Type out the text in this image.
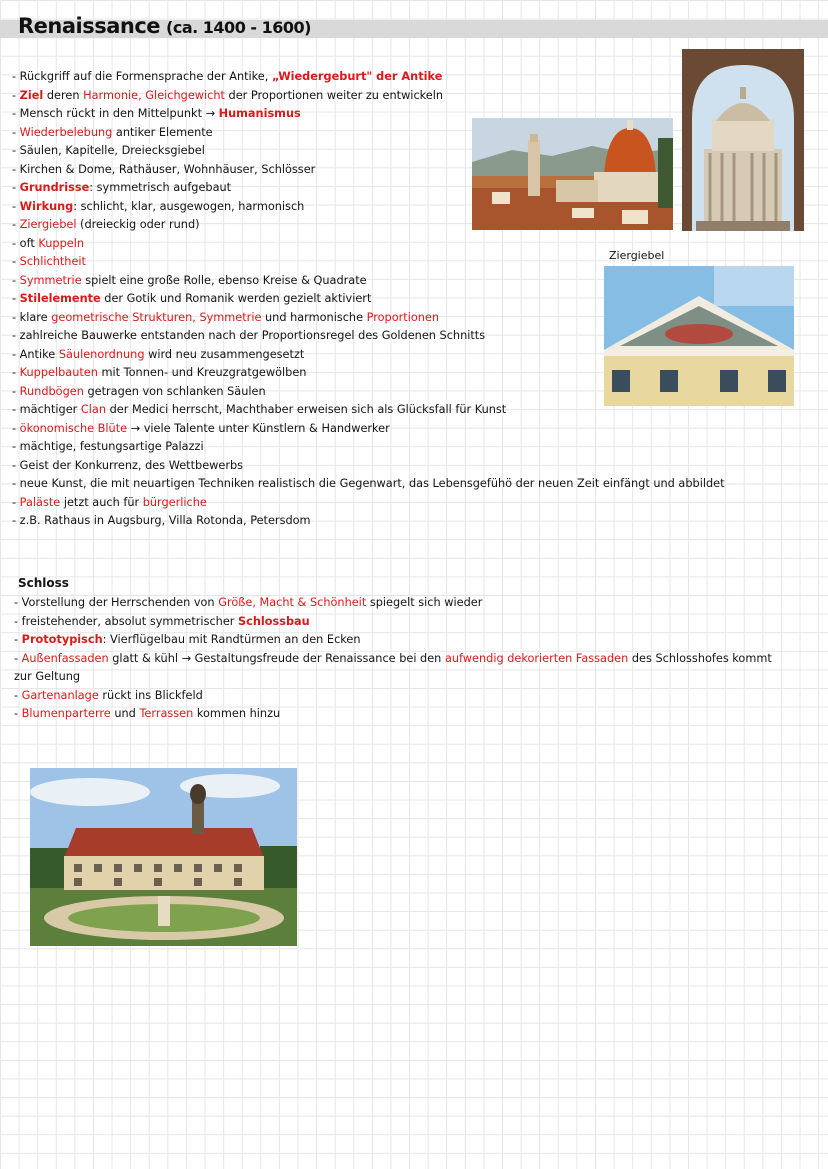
Renaissance (ca. 1400 - 1600)
- Rückgriff auf die Formensprache der Antike, „Wiedergeburt" der Antike
- Ziel deren Harmonie, Gleichgewicht der Proportionen weiter zu entwickeln
- Mensch rückt in den Mittelpunkt → Humanismus
- Wiederbelebung antiker Elemente
- Säulen, Kapitelle, Dreiecksgiebel
- Kirchen & Dome, Rathäuser, Wohnhäuser, Schlösser
- Grundrisse: symmetrisch aufgebaut
- Wirkung: schlicht, klar, ausgewogen, harmonisch
- Ziergiebel (dreieckig oder rund)
- oft Kuppeln
- Schlichtheit
- Symmetrie spielt eine große Rolle, ebenso Kreise & Quadrate
- Stilelemente der Gotik und Romanik werden gezielt aktiviert
- klare geometrische Strukturen, Symmetrie und harmonische Proportionen
- zahlreiche Bauwerke entstanden nach der Proportionsregel des Goldenen Schnitts
- Antike Säulenordnung wird neu zusammengesetzt
- Kuppelbauten mit Tonnen- und Kreuzgratgewölben
- Rundbögen getragen von schlanken Säulen
- mächtiger Clan der Medici herrscht, Machthaber erweisen sich als Glücksfall für Kunst
- ökonomische Blüte → viele Talente unter Künstlern & Handwerker
- mächtige, festungsartige Palazzi
- Geist der Konkurrenz, des Wettbewerbs
- neue Kunst, die mit neuartigen Techniken realistisch die Gegenwart, das Lebensgefühö der neuen Zeit einfängt und abbildet
- Paläste jetzt auch für bürgerliche
- z.B. Rathaus in Augsburg, Villa Rotonda, Petersdom
Ziergiebel
Schloss
- Vorstellung der Herrschenden von Größe, Macht & Schönheit spiegelt sich wieder
- freistehender, absolut symmetrischer Schlossbau
- Prototypisch: Vierflügelbau mit Randtürmen an den Ecken
- Außenfassaden glatt & kühl → Gestaltungsfreude der Renaissance bei den aufwendig dekorierten Fassaden des Schlosshofes kommt
zur Geltung
- Gartenanlage rückt ins Blickfeld
- Blumenparterre und Terrassen kommen hinzu
